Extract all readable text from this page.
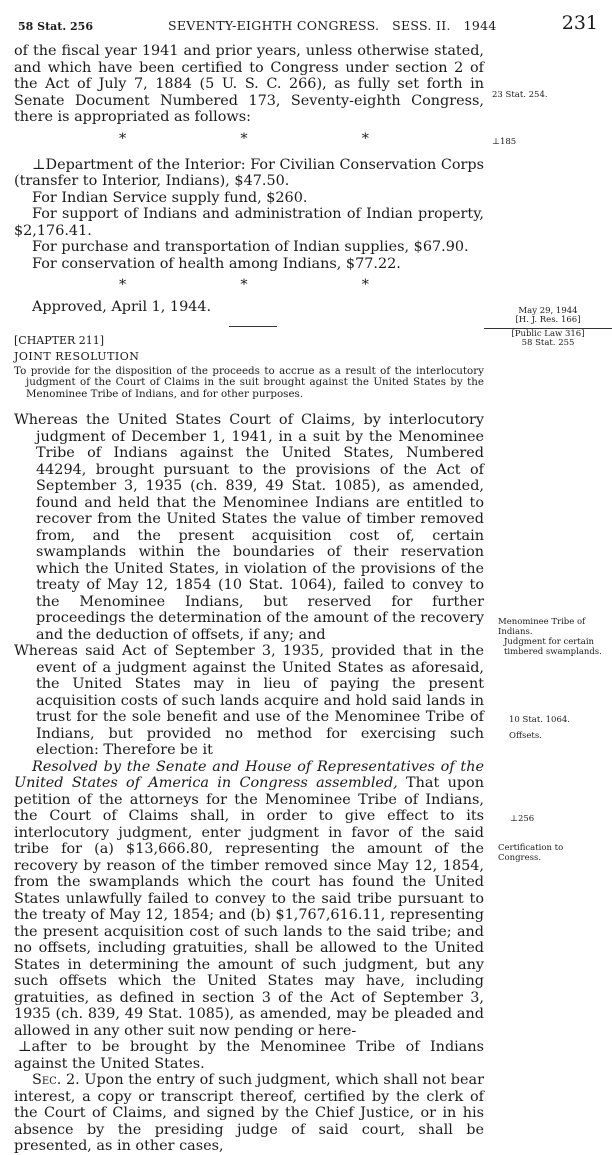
58 Stat. 256	SEVENTY-EIGHTH CONGRESS.   SESS. II.   1944	231

of the fiscal year 1941 and prior years, unless otherwise stated, and which have been certified to Congress under section 2 of the Act of July 7, 1884 (5 U. S. C. 266), as fully set forth in Senate Document Numbered 173, Seventy-eighth Congress, there is appropriated as follows:

*	*	*

⊥Department of the Interior: For Civilian Conservation Corps (transfer to Interior, Indians), $47.50.

For Indian Service supply fund, $260.

For support of Indians and administration of Indian property, $2,176.41.

For purchase and transportation of Indian supplies, $67.90.

For conservation of health among Indians, $77.22.

*	*	*

Approved, April 1, 1944.

[CHAPTER 211]

JOINT RESOLUTION

To provide for the disposition of the proceeds to accrue as a result of the interlocutory judgment of the Court of Claims in the suit brought against the United States by the Menominee Tribe of Indians, and for other purposes.

Whereas the United States Court of Claims, by interlocutory judgment of December 1, 1941, in a suit by the Menominee Tribe of Indians against the United States, Numbered 44294, brought pursuant to the provisions of the Act of September 3, 1935 (ch. 839, 49 Stat. 1085), as amended, found and held that the Menominee Indians are entitled to recover from the United States the value of timber removed from, and the present acquisition cost of, certain swamplands within the boundaries of their reservation which the United States, in violation of the provisions of the treaty of May 12, 1854 (10 Stat. 1064), failed to convey to the Menominee Indians, but reserved for further proceedings the determination of the amount of the recovery and the deduction of offsets, if any; and

Whereas said Act of September 3, 1935, provided that in the event of a judgment against the United States as aforesaid, the United States may in lieu of paying the present acquisition costs of such lands acquire and hold said lands in trust for the sole benefit and use of the Menominee Tribe of Indians, but provided no method for exercising such election: Therefore be it

Resolved by the Senate and House of Representatives of the United States of America in Congress assembled, That upon petition of the attorneys for the Menominee Tribe of Indians, the Court of Claims shall, in order to give effect to its interlocutory judgment, enter judgment in favor of the said tribe for (a) $13,666.80, representing the amount of the recovery by reason of the timber removed since May 12, 1854, from the swamplands which the court has found the United States unlawfully failed to convey to the said tribe pursuant to the treaty of May 12, 1854; and (b) $1,767,616.11, representing the present acquisition cost of such lands to the said tribe; and no offsets, including gratuities, shall be allowed to the United States in determining the amount of such judgment, but any such offsets which the United States may have, including gratuities, as defined in section 3 of the Act of September 3, 1935 (ch. 839, 49 Stat. 1085), as amended, may be pleaded and allowed in any other suit now pending or here-

⊥after to be brought by the Menominee Tribe of Indians against the United States.

Sec. 2. Upon the entry of such judgment, which shall not bear interest, a copy or transcript thereof, certified by the clerk of the Court of Claims, and signed by the Chief Justice, or in his absence by the presiding judge of said court, shall be presented, as in other cases,

23 Stat. 254.
⊥185
May 29, 1944
[H. J. Res. 166]
[Public Law 316]
58 Stat. 255
Menominee Tribe of Indians.
Judgment for certain timbered swamplands.
10 Stat. 1064.
Offsets.
⊥256
Certification to Congress.
